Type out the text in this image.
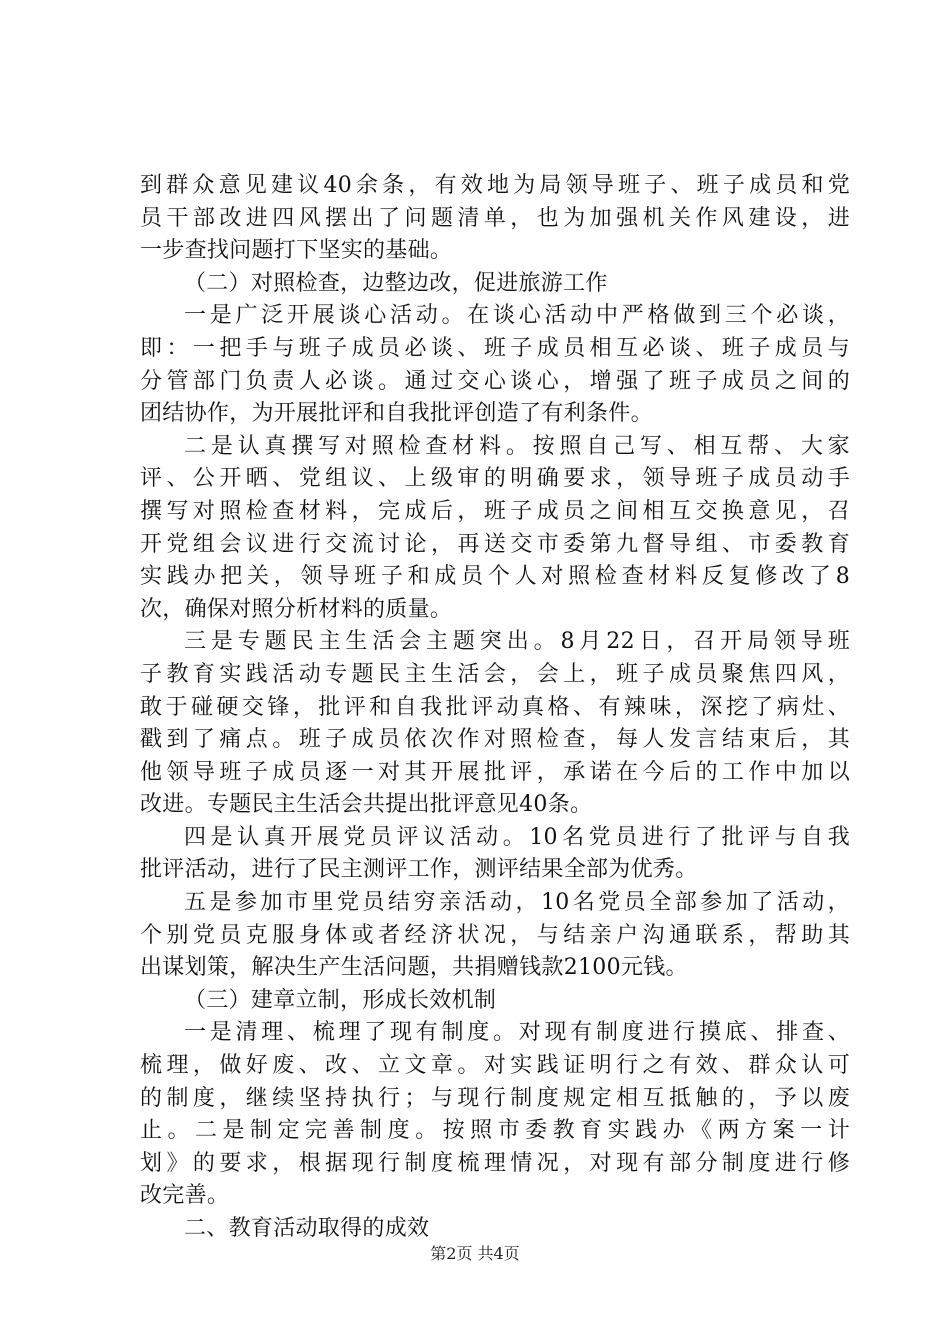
到群众意见建议40余条，有效地为局领导班子、班子成员和党
员干部改进四风摆出了问题清单，也为加强机关作风建设，进
一步查找问题打下坚实的基础。
（二）对照检查，边整边改，促进旅游工作
一是广泛开展谈心活动。在谈心活动中严格做到三个必谈，
即：一把手与班子成员必谈、班子成员相互必谈、班子成员与
分管部门负责人必谈。通过交心谈心，增强了班子成员之间的
团结协作，为开展批评和自我批评创造了有利条件。
二是认真撰写对照检查材料。按照自己写、相互帮、大家
评、公开晒、党组议、上级审的明确要求，领导班子成员动手
撰写对照检查材料，完成后，班子成员之间相互交换意见，召
开党组会议进行交流讨论，再送交市委第九督导组、市委教育
实践办把关，领导班子和成员个人对照检查材料反复修改了8
次，确保对照分析材料的质量。
三是专题民主生活会主题突出。8月22日，召开局领导班
子教育实践活动专题民主生活会，会上，班子成员聚焦四风，
敢于碰硬交锋，批评和自我批评动真格、有辣味，深挖了病灶、
戳到了痛点。班子成员依次作对照检查，每人发言结束后，其
他领导班子成员逐一对其开展批评，承诺在今后的工作中加以
改进。专题民主生活会共提出批评意见40条。
四是认真开展党员评议活动。10名党员进行了批评与自我
批评活动，进行了民主测评工作，测评结果全部为优秀。
五是参加市里党员结穷亲活动，10名党员全部参加了活动，
个别党员克服身体或者经济状况，与结亲户沟通联系，帮助其
出谋划策，解决生产生活问题，共捐赠钱款2100元钱。
（三）建章立制，形成长效机制
一是清理、梳理了现有制度。对现有制度进行摸底、排查、
梳理，做好废、改、立文章。对实践证明行之有效、群众认可
的制度，继续坚持执行；与现行制度规定相互抵触的，予以废
止。二是制定完善制度。按照市委教育实践办《两方案一计
划》的要求，根据现行制度梳理情况，对现有部分制度进行修
改完善。
二、教育活动取得的成效
第2页 共4页
